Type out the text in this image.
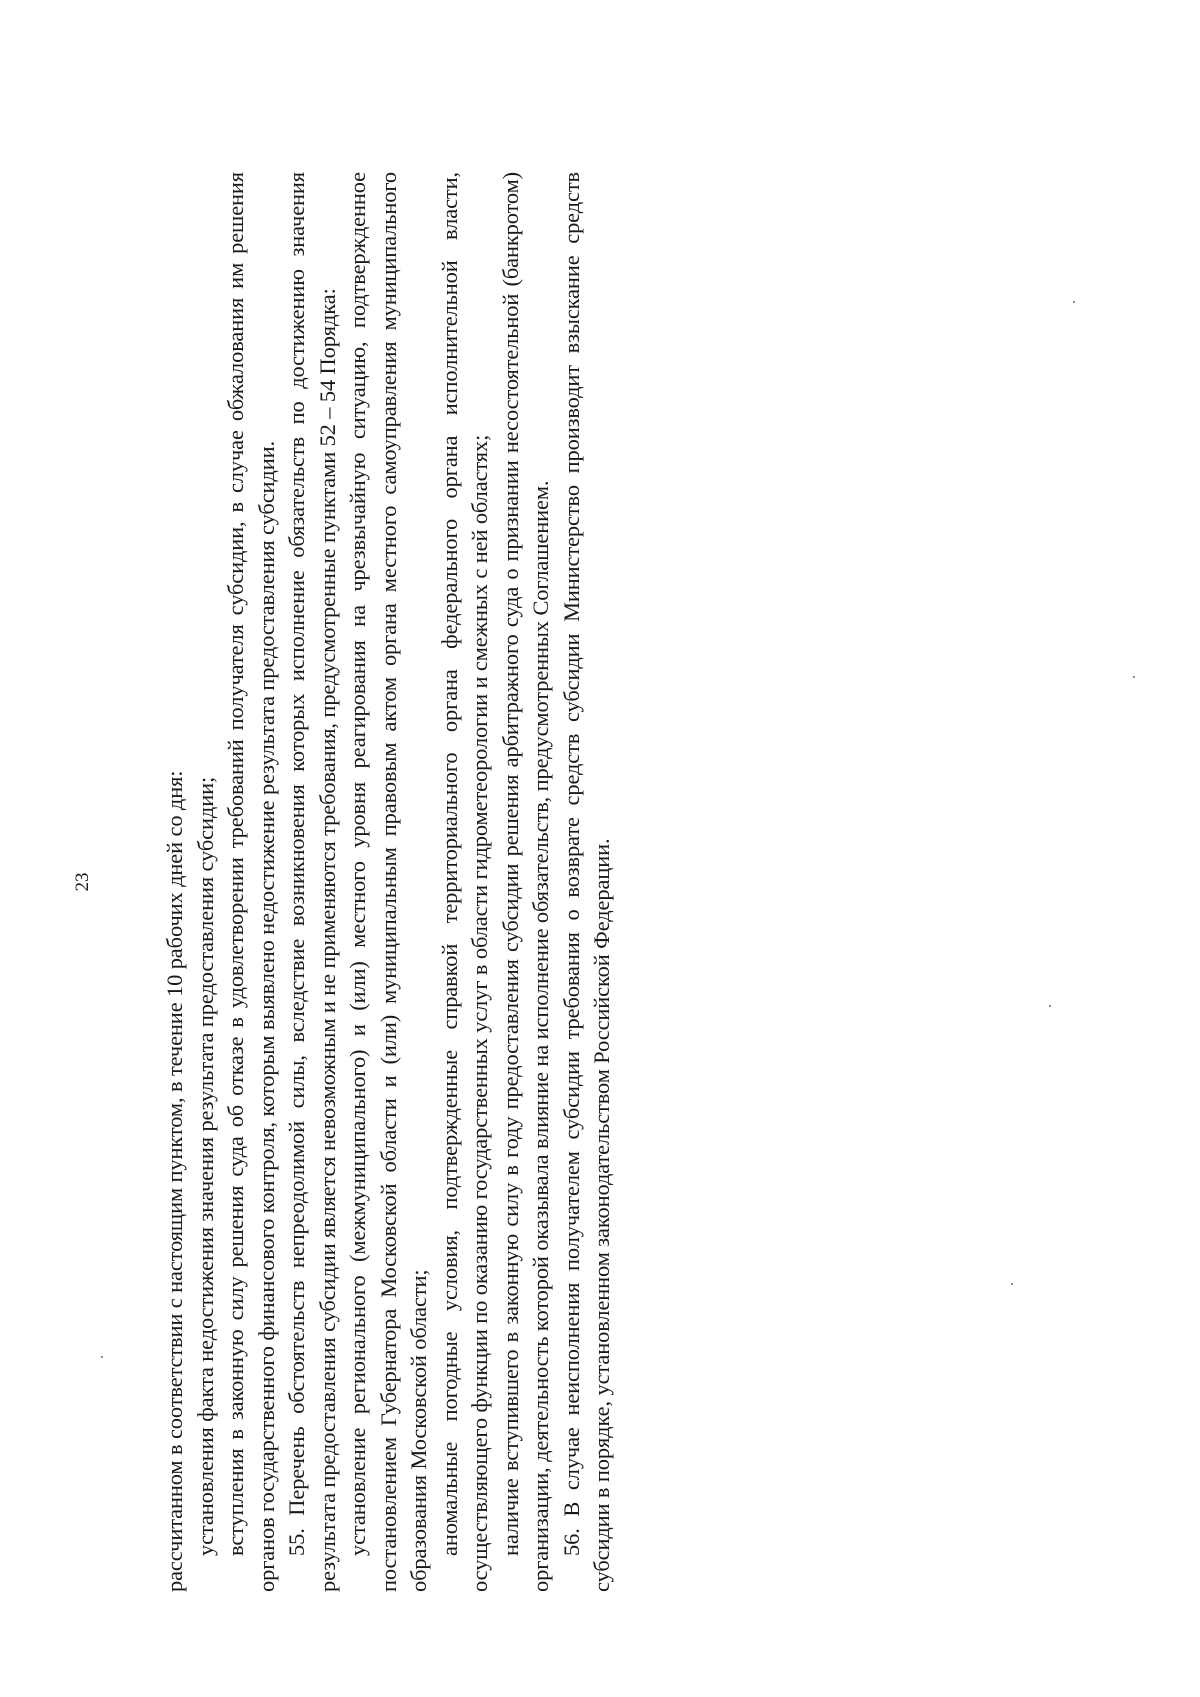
23	рассчитанном в соответствии с настоящим пунктом, в течение 10 рабочих дней со дня: установления факта недостижения значения результата предоставления субсидии; вступления в законную силу решения суда об отказе в удовлетворении требований получателя субсидии, в случае обжалования им решения органов государственного финансового контроля, которым выявлено недостижение результата предоставления субсидии. 55. Перечень обстоятельств непреодолимой силы, вследствие возникновения которых исполнение обязательств по достижению значения результата предоставления субсидии является невозможным и не применяются требования, предусмотренные пунктами 52 – 54 Порядка: установление регионального (межмуниципального) и (или) местного уровня реагирования на чрезвычайную ситуацию, подтвержденное постановлением Губернатора Московской области и (или) муниципальным правовым актом органа местного самоуправления муниципального образования Московской области; аномальные погодные условия, подтвержденные справкой территориального органа федерального органа исполнительной власти, осуществляющего функции по оказанию государственных услуг в области гидрометеорологии и смежных с ней областях; наличие вступившего в законную силу в году предоставления субсидии решения арбитражного суда о признании несостоятельной (банкротом) организации, деятельность которой оказывала влияние на исполнение обязательств, предусмотренных Соглашением. 56. В случае неисполнения получателем субсидии требования о возврате средств субсидии Министерство производит взыскание средств субсидии в порядке, установленном законодательством Российской Федерации.
